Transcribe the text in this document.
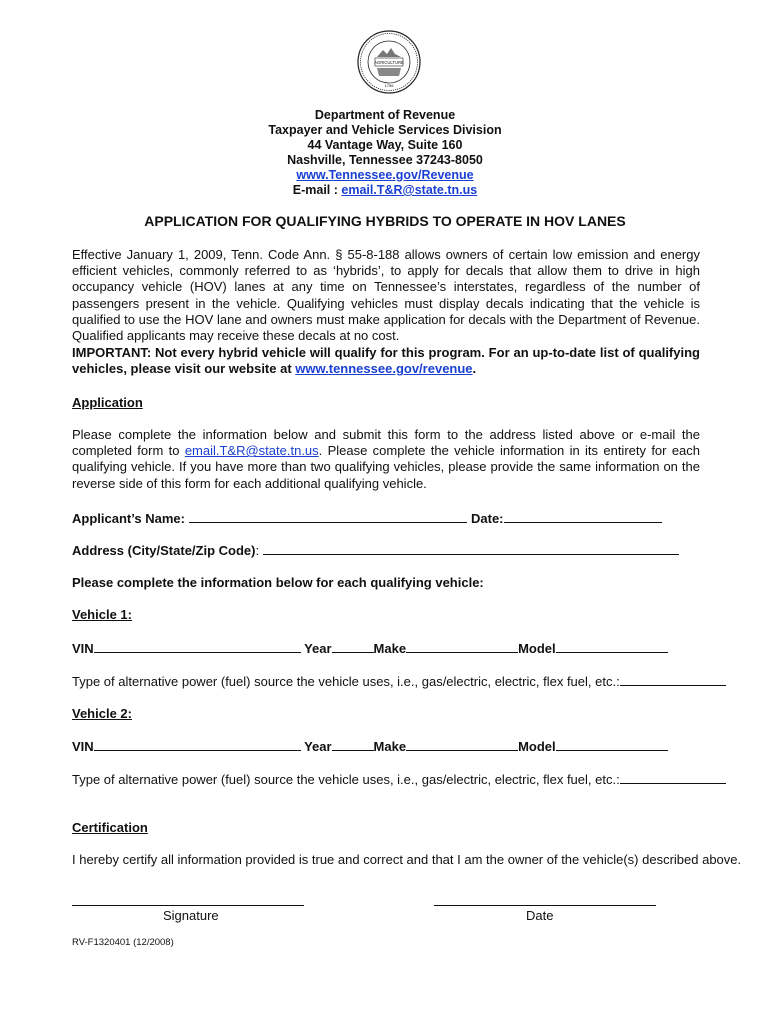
AGRICULTURE
1796
Department of Revenue
Taxpayer and Vehicle Services Division
44 Vantage Way, Suite 160
Nashville, Tennessee 37243-8050
www.Tennessee.gov/Revenue
E-mail : email.T&R@state.tn.us
APPLICATION FOR QUALIFYING HYBRIDS TO OPERATE IN HOV LANES

Effective January 1, 2009, Tenn. Code Ann. § 55-8-188 allows owners of certain low emission and energy efficient vehicles, commonly referred to as ‘hybrids’, to apply for decals that allow them to drive in high occupancy vehicle (HOV) lanes at any time on Tennessee’s interstates, regardless of the number of passengers present in the vehicle. Qualifying vehicles must display decals indicating that the vehicle is qualified to use the HOV lane and owners must make application for decals with the Department of Revenue. Qualified applicants may receive these decals at no cost.

IMPORTANT: Not every hybrid vehicle will qualify for this program. For an up-to-date list of qualifying vehicles, please visit our website at www.tennessee.gov/revenue.
Application
Please complete the information below and submit this form to the address listed above or e-mail the completed form to email.T&R@state.tn.us. Please complete the vehicle information in its entirety for each qualifying vehicle. If you have more than two qualifying vehicles, please provide the same information on the reverse side of this form for each additional qualifying vehicle.
Applicant’s Name:	Date:
Address (City/State/Zip Code):
Please complete the information below for each qualifying vehicle:
Vehicle 1:
VIN	Year	Make	Model
Type of alternative power (fuel) source the vehicle uses, i.e., gas/electric, electric, flex fuel, etc.:
Vehicle 2:
VIN	Year	Make	Model
Type of alternative power (fuel) source the vehicle uses, i.e., gas/electric, electric, flex fuel, etc.:
Certification
I hereby certify all information provided is true and correct and that I am the owner of the vehicle(s) described above.
Signature	Date
RV-F1320401 (12/2008)
